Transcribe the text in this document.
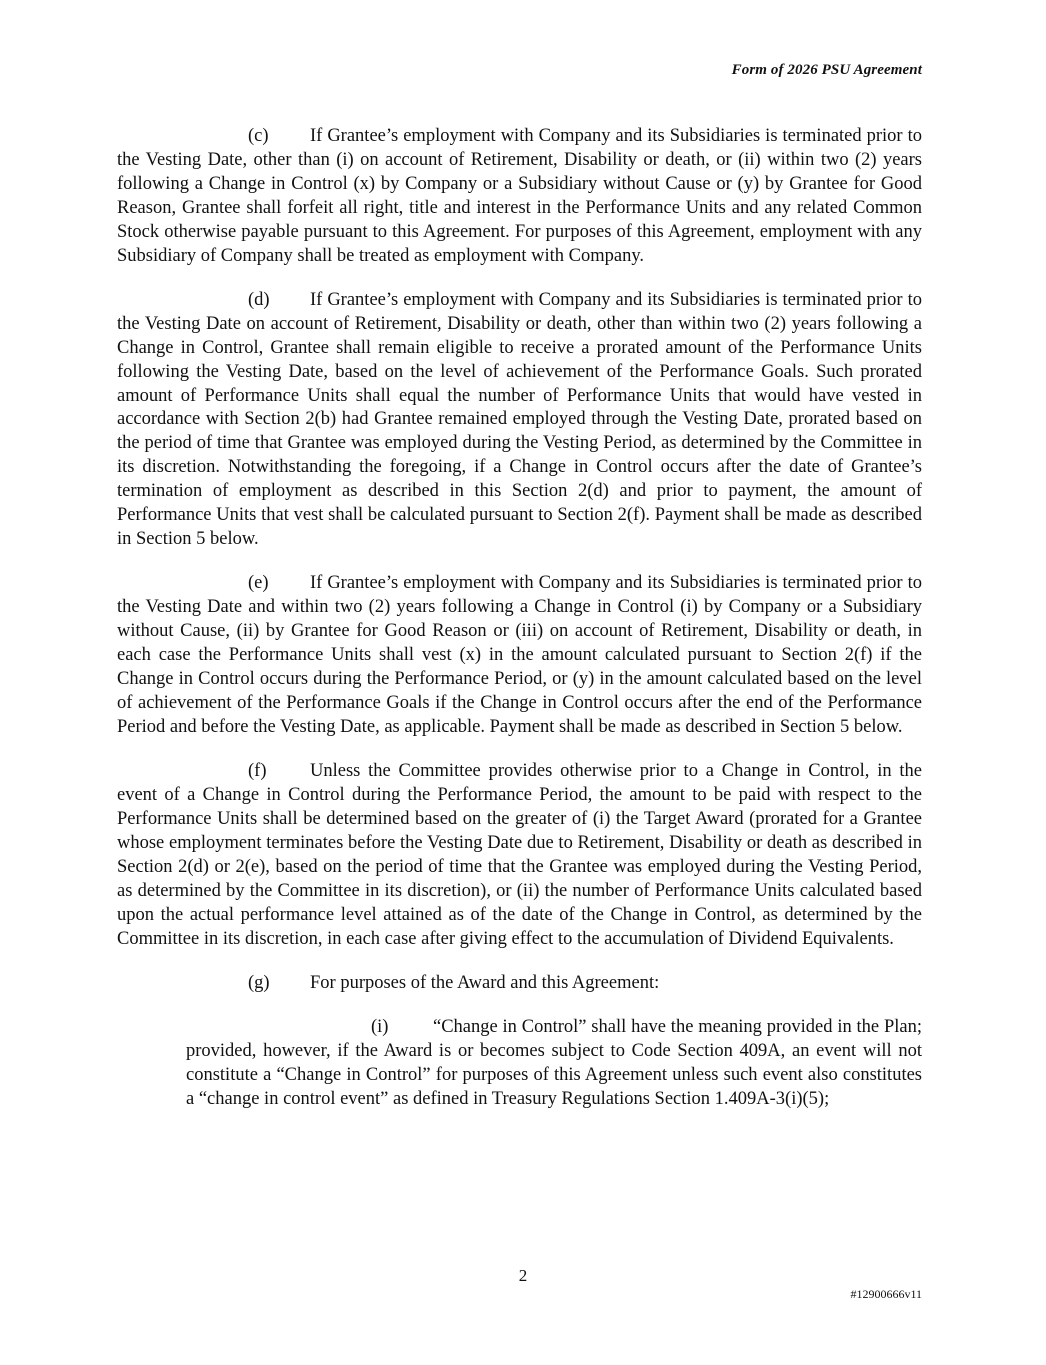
Form of 2026 PSU Agreement

(c) If Grantee’s employment with Company and its Subsidiaries is terminated prior to the Vesting Date, other than (i) on account of Retirement, Disability or death, or (ii) within two (2) years following a Change in Control (x) by Company or a Subsidiary without Cause or (y) by Grantee for Good Reason, Grantee shall forfeit all right, title and interest in the Performance Units and any related Common Stock otherwise payable pursuant to this Agreement. For purposes of this Agreement, employment with any Subsidiary of Company shall be treated as employment with Company.

(d) If Grantee’s employment with Company and its Subsidiaries is terminated prior to the Vesting Date on account of Retirement, Disability or death, other than within two (2) years following a Change in Control, Grantee shall remain eligible to receive a prorated amount of the Performance Units following the Vesting Date, based on the level of achievement of the Performance Goals. Such prorated amount of Performance Units shall equal the number of Performance Units that would have vested in accordance with Section 2(b) had Grantee remained employed through the Vesting Date, prorated based on the period of time that Grantee was employed during the Vesting Period, as determined by the Committee in its discretion. Notwithstanding the foregoing, if a Change in Control occurs after the date of Grantee’s termination of employment as described in this Section 2(d) and prior to payment, the amount of Performance Units that vest shall be calculated pursuant to Section 2(f). Payment shall be made as described in Section 5 below.

(e) If Grantee’s employment with Company and its Subsidiaries is terminated prior to the Vesting Date and within two (2) years following a Change in Control (i) by Company or a Subsidiary without Cause, (ii) by Grantee for Good Reason or (iii) on account of Retirement, Disability or death, in each case the Performance Units shall vest (x) in the amount calculated pursuant to Section 2(f) if the Change in Control occurs during the Performance Period, or (y) in the amount calculated based on the level of achievement of the Performance Goals if the Change in Control occurs after the end of the Performance Period and before the Vesting Date, as applicable. Payment shall be made as described in Section 5 below.

(f) Unless the Committee provides otherwise prior to a Change in Control, in the event of a Change in Control during the Performance Period, the amount to be paid with respect to the Performance Units shall be determined based on the greater of (i) the Target Award (prorated for a Grantee whose employment terminates before the Vesting Date due to Retirement, Disability or death as described in Section 2(d) or 2(e), based on the period of time that the Grantee was employed during the Vesting Period, as determined by the Committee in its discretion), or (ii) the number of Performance Units calculated based upon the actual performance level attained as of the date of the Change in Control, as determined by the Committee in its discretion, in each case after giving effect to the accumulation of Dividend Equivalents.

(g) For purposes of the Award and this Agreement:

(i) “Change in Control” shall have the meaning provided in the Plan; provided, however, if the Award is or becomes subject to Code Section 409A, an event will not constitute a “Change in Control” for purposes of this Agreement unless such event also constitutes a “change in control event” as defined in Treasury Regulations Section 1.409A-3(i)(5);

2
#12900666v11
